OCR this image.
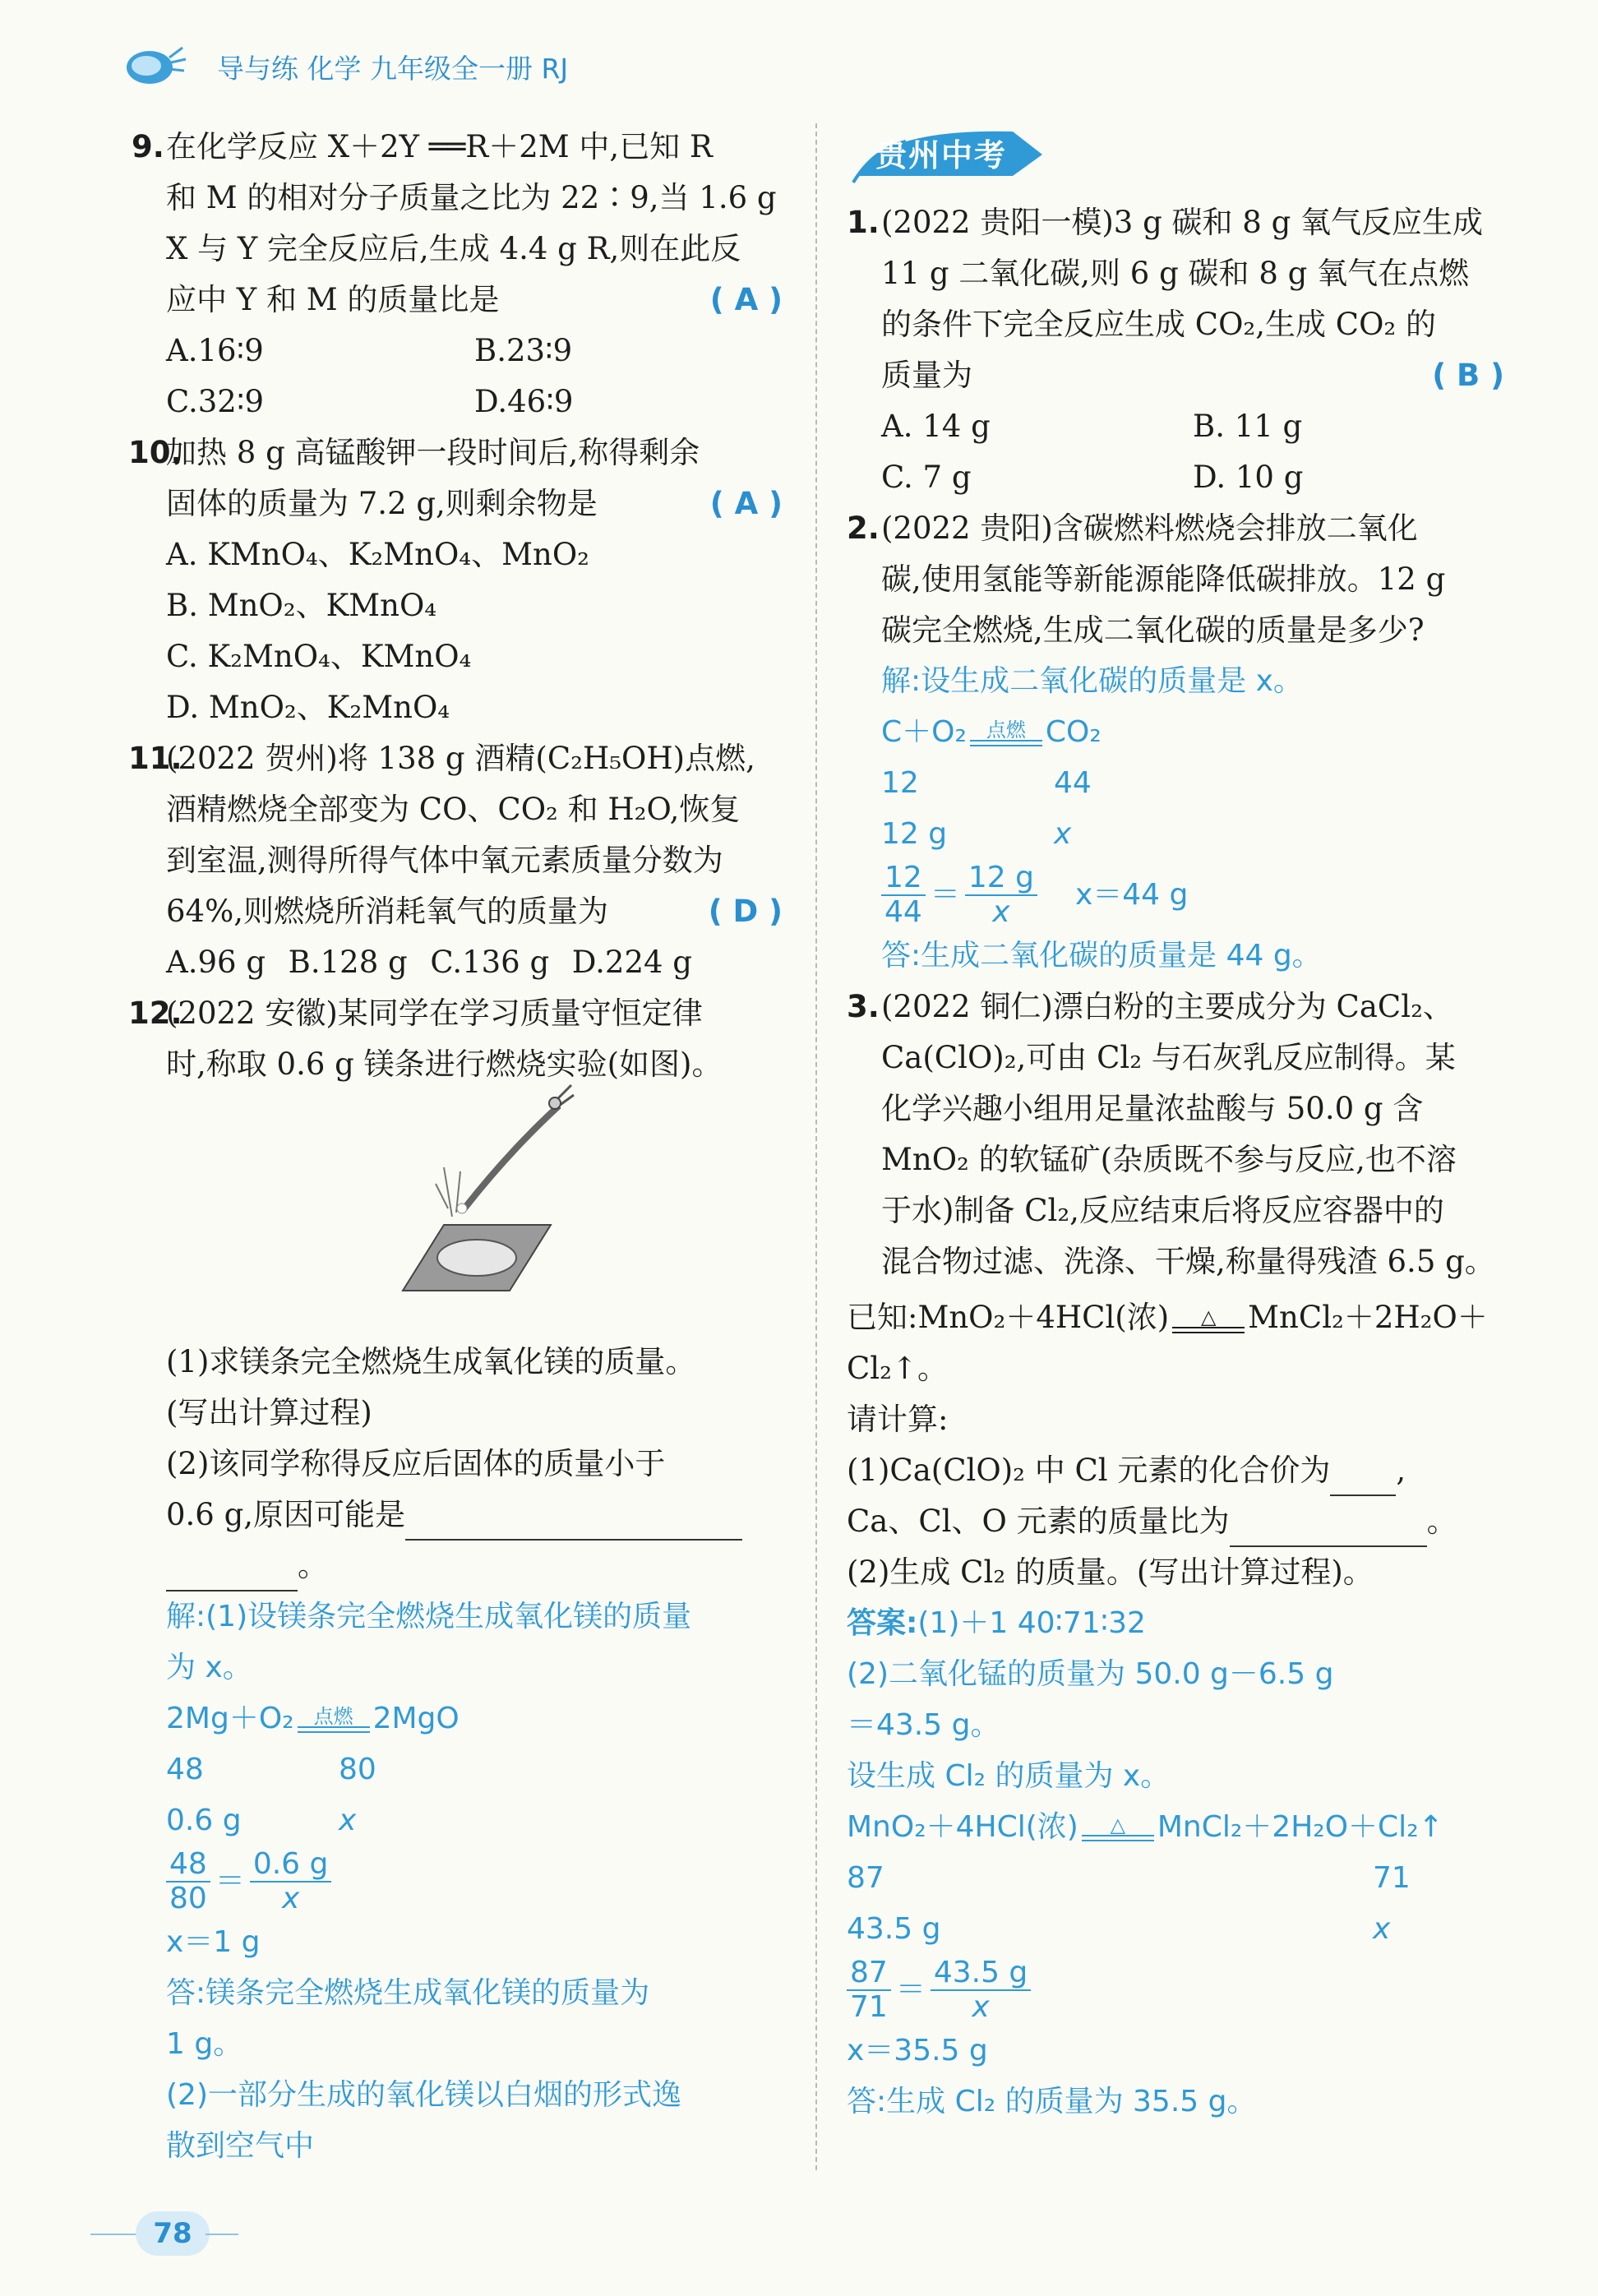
导与练 化学 九年级全一册 RJ
9. 在化学反应 X＋2Y ══R＋2M 中,已知 R
和 M 的相对分子质量之比为 22∶9,当 1.6 g
X 与 Y 完全反应后,生成 4.4 g R,则在此反
应中 Y 和 M 的质量比是	( A )
A.16∶9	B.23∶9
C.32∶9	D.46∶9
10.
加热 8 g 高锰酸钾一段时间后,称得剩余
固体的质量为 7.2 g,则剩余物是	( A )
A. KMnO₄、K₂MnO₄、MnO₂
B. MnO₂、KMnO₄
C. K₂MnO₄、KMnO₄
D. MnO₂、K₂MnO₄
11.
(2022 贺州)将 138 g 酒精(C₂H₅OH)点燃,
酒精燃烧全部变为 CO、CO₂ 和 H₂O,恢复
到室温,测得所得气体中氧元素质量分数为
64%,则燃烧所消耗氧气的质量为	( D )
A.96 g B.128 g C.136 g D.224 g
12.
(2022 安徽)某同学在学习质量守恒定律
时,称取 0.6 g 镁条进行燃烧实验(如图)。
(1)求镁条完全燃烧生成氧化镁的质量。
(写出计算过程)
(2)该同学称得反应后固体的质量小于
0.6 g,原因可能是
。
解:(1)设镁条完全燃烧生成氧化镁的质量
为 x。
2Mg＋O₂ 点燃 2MgO
48	80
0.6 g	x
$\frac{48}{80} = \frac{0.6 g}{x}$
x＝1 g
答:镁条完全燃烧生成氧化镁的质量为
1 g。
(2)一部分生成的氧化镁以白烟的形式逸
散到空气中
贵州中考
1. (2022 贵阳一模)3 g 碳和 8 g 氧气反应生成
11 g 二氧化碳,则 6 g 碳和 8 g 氧气在点燃
的条件下完全反应生成 CO₂,生成 CO₂ 的
质量为	( B )
A. 14 g	B. 11 g
C. 7 g	D. 10 g
2. (2022 贵阳)含碳燃料燃烧会排放二氧化
碳,使用氢能等新能源能降低碳排放。12 g
碳完全燃烧,生成二氧化碳的质量是多少?
解:设生成二氧化碳的质量是 x。
C＋O₂ 点燃 CO₂
12	44
12 g	x
$\frac{12}{44} = \frac{12 g}{x} x=44$ g
答:生成二氧化碳的质量是 44 g。
3. (2022 铜仁)漂白粉的主要成分为 CaCl₂、
Ca(ClO)₂,可由 Cl₂ 与石灰乳反应制得。某
化学兴趣小组用足量浓盐酸与 50.0 g 含
MnO₂ 的软锰矿(杂质既不参与反应,也不溶
于水)制备 Cl₂,反应结束后将反应容器中的
混合物过滤、洗涤、干燥,称量得残渣 6.5 g。
已知:MnO₂＋4HCl(浓) △ MnCl₂＋2H₂O＋
Cl₂↑。
请计算:
(1)Ca(ClO)₂ 中 Cl 元素的化合价为 ,
Ca、Cl、O 元素的质量比为	。
(2)生成 Cl₂ 的质量。(写出计算过程)。
答案:(1)＋1 40∶71∶32
(2)二氧化锰的质量为 50.0 g－6.5 g
＝43.5 g。
设生成 Cl₂ 的质量为 x。
MnO₂＋4HCl(浓) △ MnCl₂＋2H₂O＋Cl₂↑
87	71
43.5 g	x
$\frac{87}{71} = \frac{43.5 g}{x}$
x＝35.5 g
答:生成 Cl₂ 的质量为 35.5 g。
78
